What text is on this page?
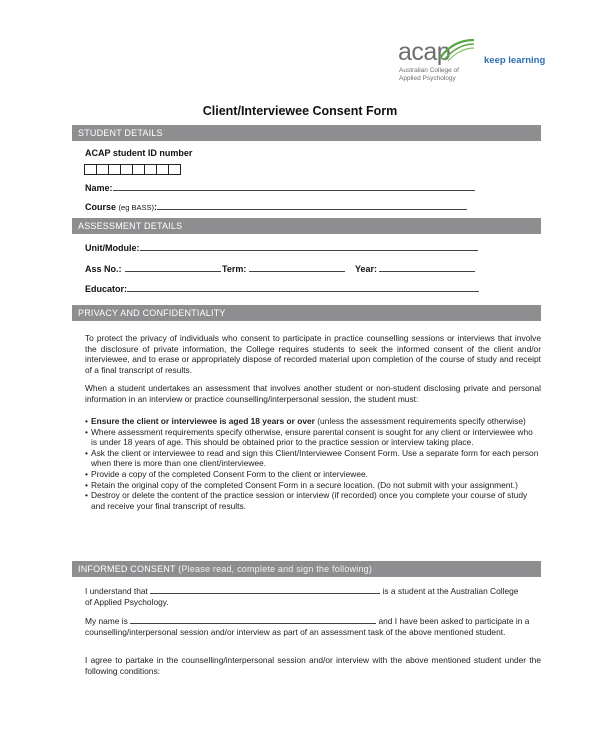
acap
Australian College of
Applied Psychology
keep learning
Client/Interviewee Consent Form
STUDENT DETAILS
ACAP student ID number
Name:
Course (eg BASS):
ASSESSMENT DETAILS
Unit/Module:
Ass No.:	Term:	Year:
Educator:
PRIVACY AND CONFIDENTIALITY
To protect the privacy of individuals who consent to participate in practice counselling sessions or interviews that involve the disclosure of private information, the College requires students to seek the informed consent of the client and/or interviewee, and to erase or appropriately dispose of recorded material upon completion of the course of study and receipt of a final transcript of results.
When a student undertakes an assessment that involves another student or non-student disclosing private and personal information in an interview or practice counselling/interpersonal session, the student must:
• Ensure the client or interviewee is aged 18 years or over (unless the assessment requirements specify otherwise)
• Where assessment requirements specify otherwise, ensure parental consent is sought for any client or interviewee who is under 18 years of age. This should be obtained prior to the practice session or interview taking place.
• Ask the client or interviewee to read and sign this Client/Interviewee Consent Form. Use a separate form for each person when there is more than one client/interviewee.
• Provide a copy of the completed Consent Form to the client or interviewee.
• Retain the original copy of the completed Consent Form in a secure location. (Do not submit with your assignment.)
• Destroy or delete the content of the practice session or interview (if recorded) once you complete your course of study and receive your final transcript of results.
INFORMED CONSENT (Please read, complete and sign the following)
I understand that	is a student at the Australian College
of Applied Psychology.
My name is	and I have been asked to participate in a counselling/interpersonal session and/or interview as part of an assessment task of the above mentioned student.
I agree to partake in the counselling/interpersonal session and/or interview with the above mentioned student under the following conditions:
